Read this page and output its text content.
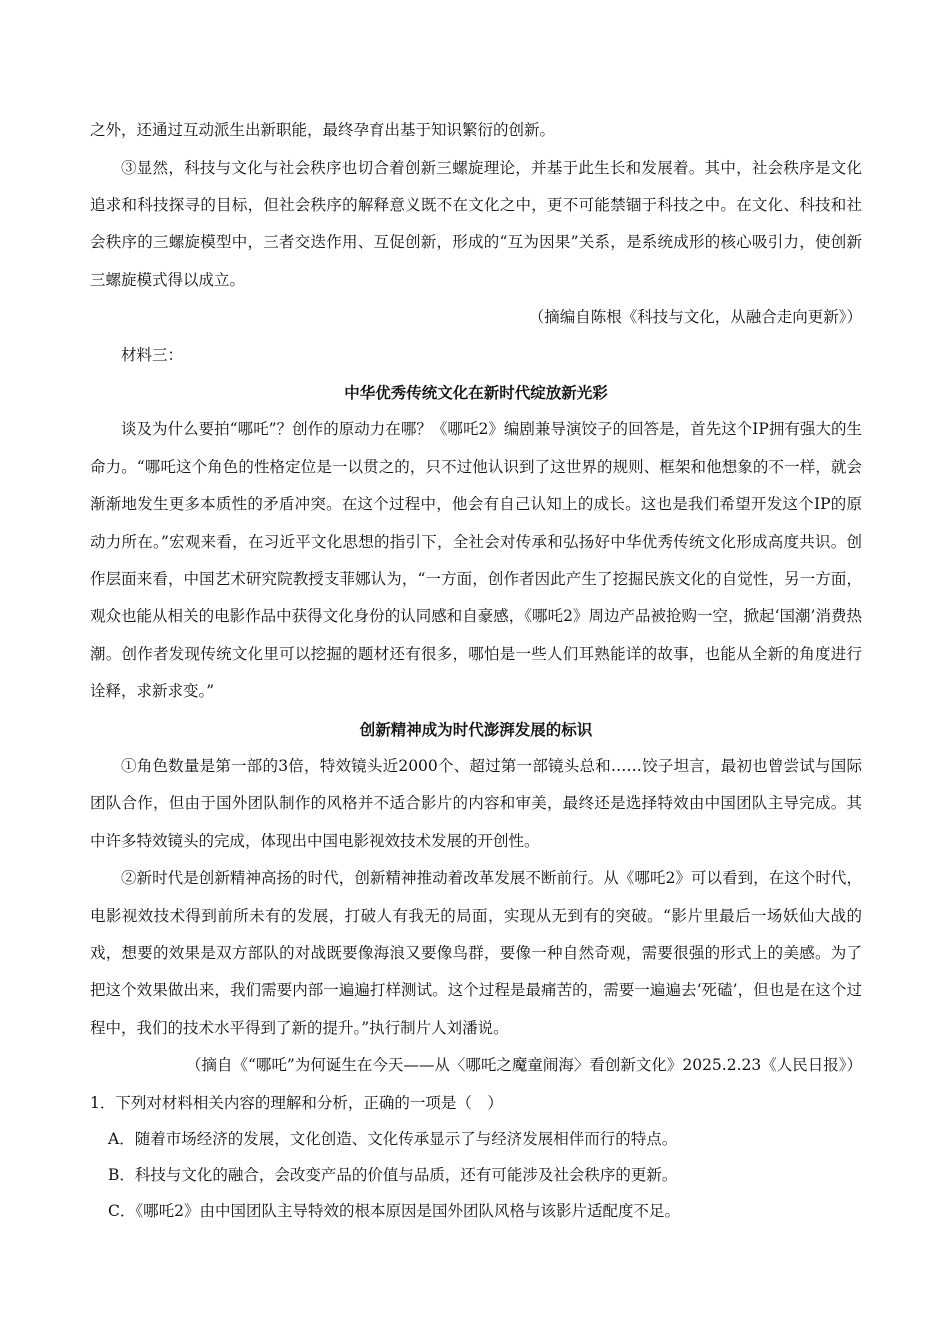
之外，还通过互动派生出新职能，最终孕育出基于知识繁衍的创新。

③显然，科技与文化与社会秩序也切合着创新三螺旋理论，并基于此生长和发展着。其中，社会秩序是文化追求和科技探寻的目标，但社会秩序的解释意义既不在文化之中，更不可能禁锢于科技之中。在文化、科技和社会秩序的三螺旋模型中，三者交迭作用、互促创新，形成的“互为因果”关系，是系统成形的核心吸引力，使创新三螺旋模式得以成立。

（摘编自陈根《科技与文化，从融合走向更新》）

材料三：

中华优秀传统文化在新时代绽放新光彩

谈及为什么要拍“哪吒”？创作的原动力在哪？《哪吒2》编剧兼导演饺子的回答是，首先这个IP拥有强大的生命力。“哪吒这个角色的性格定位是一以贯之的，只不过他认识到了这世界的规则、框架和他想象的不一样，就会渐渐地发生更多本质性的矛盾冲突。在这个过程中，他会有自己认知上的成长。这也是我们希望开发这个IP的原动力所在。”宏观来看，在习近平文化思想的指引下，全社会对传承和弘扬好中华优秀传统文化形成高度共识。创作层面来看，中国艺术研究院教授支菲娜认为，“一方面，创作者因此产生了挖掘民族文化的自觉性，另一方面，观众也能从相关的电影作品中获得文化身份的认同感和自豪感，《哪吒2》周边产品被抢购一空，掀起‘国潮’消费热潮。创作者发现传统文化里可以挖掘的题材还有很多，哪怕是一些人们耳熟能详的故事，也能从全新的角度进行诠释，求新求变。”

创新精神成为时代澎湃发展的标识

①角色数量是第一部的3倍，特效镜头近2000个、超过第一部镜头总和……饺子坦言，最初也曾尝试与国际团队合作，但由于国外团队制作的风格并不适合影片的内容和审美，最终还是选择特效由中国团队主导完成。其中许多特效镜头的完成，体现出中国电影视效技术发展的开创性。

②新时代是创新精神高扬的时代，创新精神推动着改革发展不断前行。从《哪吒2》可以看到，在这个时代，电影视效技术得到前所未有的发展，打破人有我无的局面，实现从无到有的突破。“影片里最后一场妖仙大战的戏，想要的效果是双方部队的对战既要像海浪又要像鸟群，要像一种自然奇观，需要很强的形式上的美感。为了把这个效果做出来，我们需要内部一遍遍打样测试。这个过程是最痛苦的，需要一遍遍去‘死磕’，但也是在这个过程中，我们的技术水平得到了新的提升。”执行制片人刘潘说。

（摘自《“哪吒”为何诞生在今天——从〈哪吒之魔童闹海〉看创新文化》2025.2.23《人民日报》）

1．下列对材料相关内容的理解和分析，正确的一项是（　）

A．随着市场经济的发展，文化创造、文化传承显示了与经济发展相伴而行的特点。

B．科技与文化的融合，会改变产品的价值与品质，还有可能涉及社会秩序的更新。

C．《哪吒2》由中国团队主导特效的根本原因是国外团队风格与该影片适配度不足。
